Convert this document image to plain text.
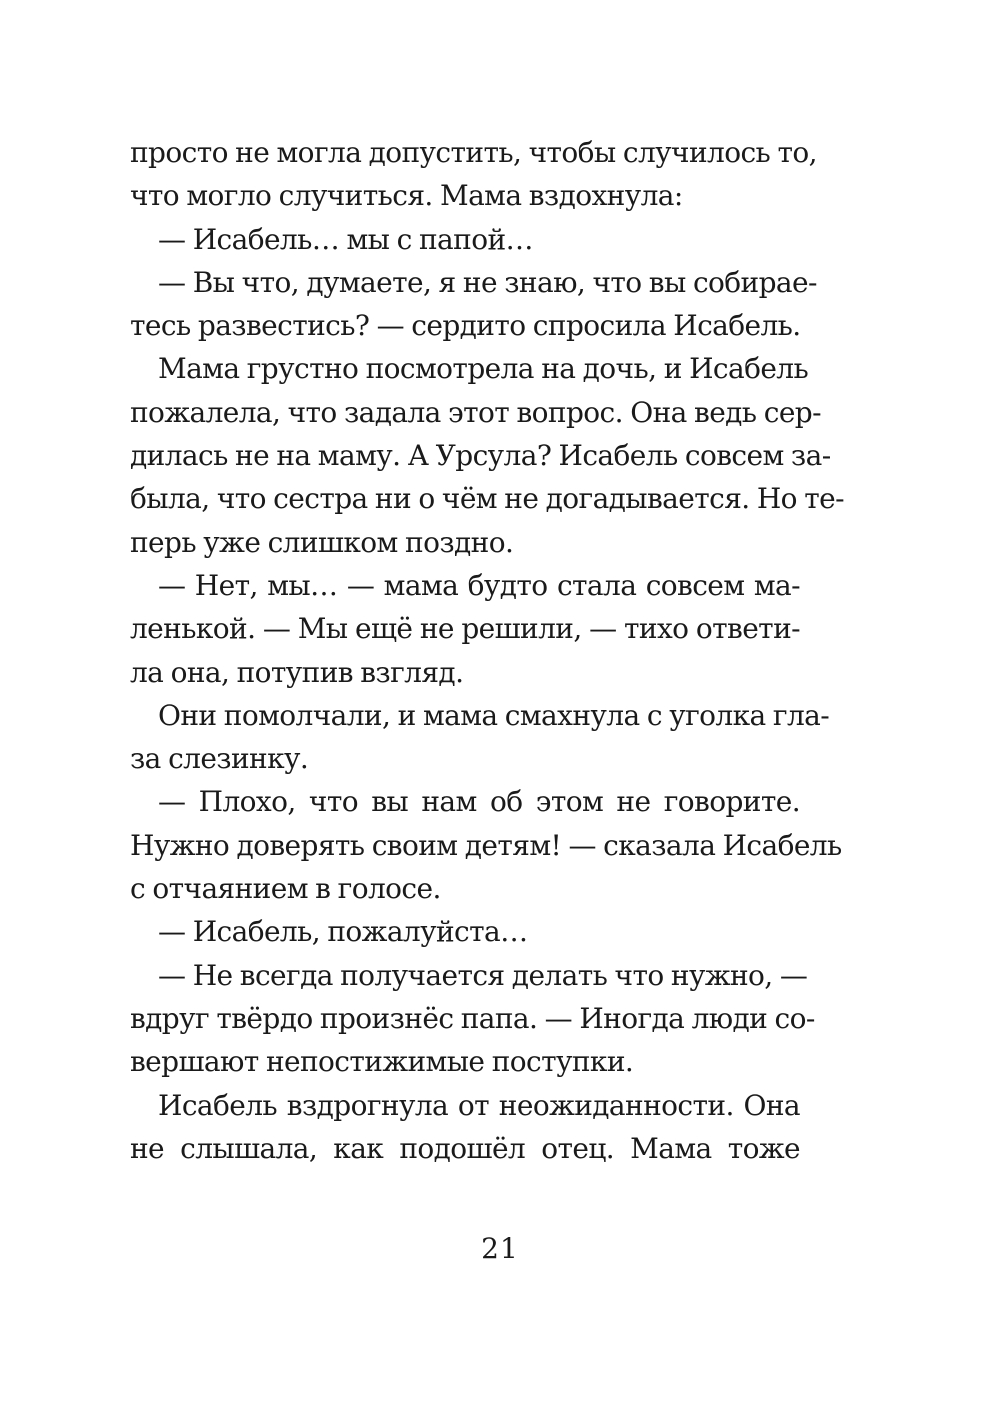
просто не могла допустить, чтобы случилось то,
что могло случиться. Мама вздохнула:
— Исабель… мы с папой…
— Вы что, думаете, я не знаю, что вы собирае-
тесь развестись? — сердито спросила Исабель.
Мама грустно посмотрела на дочь, и Исабель
пожалела, что задала этот вопрос. Она ведь сер-
дилась не на маму. А Урсула? Исабель совсем за-
была, что сестра ни о чём не догадывается. Но те-
перь уже слишком поздно.
— Нет, мы… — мама будто стала совсем ма-
ленькой. — Мы ещё не решили, — тихо ответи-
ла она, потупив взгляд.
Они помолчали, и мама смахнула с уголка гла-
за слезинку.
— Плохо, что вы нам об этом не говорите.
Нужно доверять своим детям! — сказала Исабель
с отчаянием в голосе.
— Исабель, пожалуйста…
— Не всегда получается делать что нужно, —
вдруг твёрдо произнёс папа. — Иногда люди со-
вершают непостижимые поступки.
Исабель вздрогнула от неожиданности. Она
не слышала, как подошёл отец. Мама тоже
21
